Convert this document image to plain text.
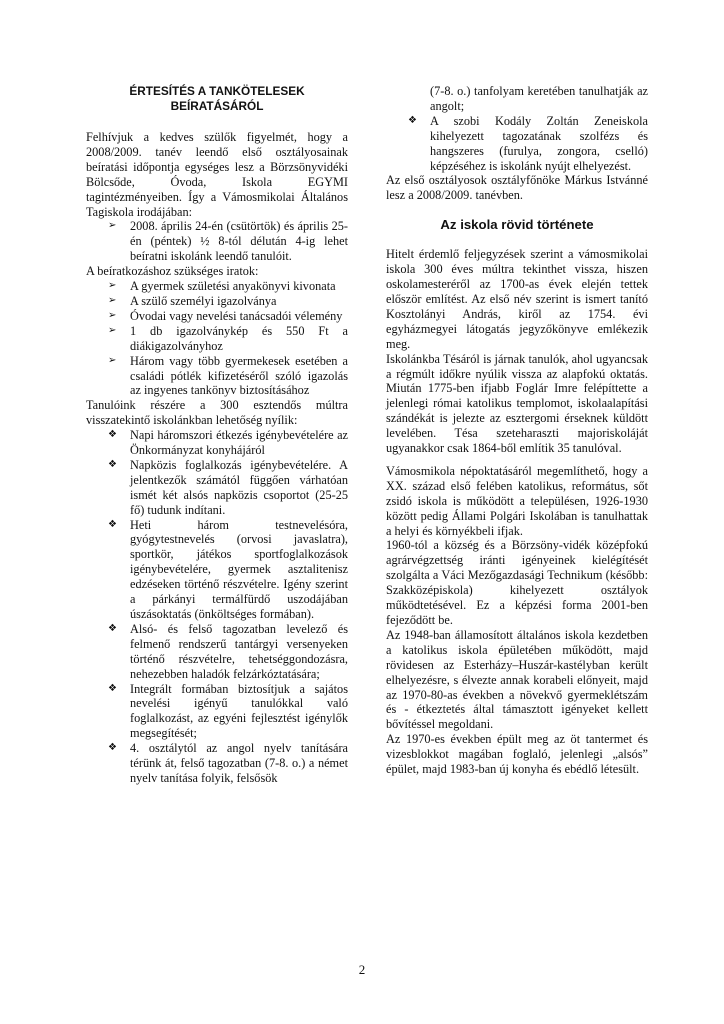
ÉRTESÍTÉS A TANKÖTELESEK
BEÍRATÁSÁRÓL

Felhívjuk a kedves szülők figyelmét, hogy a 2008/2009. tanév leendő első osztályosainak beíratási időpontja egységes lesz a Börzsönyvidéki Bölcsőde, Óvoda, Iskola EGYMI tagintézményeiben. Így a Vámosmikolai Általános Tagiskola irodájában:

➢	2008. április 24-én (csütörtök) és április 25-én (péntek) ½ 8-tól délután 4-ig lehet beíratni iskolánk leendő tanulóit.

A beíratkozáshoz szükséges iratok:

➢	A gyermek születési anyakönyvi kivonata
➢	A szülő személyi igazolványa
➢	Óvodai vagy nevelési tanácsadói vélemény
➢	1 db igazolványkép és 550 Ft a diákigazolványhoz
➢	Három vagy több gyermekesek esetében a családi pótlék kifizetéséről szóló igazolás az ingyenes tankönyv biztosításához

Tanulóink részére a 300 esztendős múltra visszatekintő iskolánkban lehetőség nyílik:

❖	Napi háromszori étkezés igénybevételére az Önkormányzat konyhájáról
❖	Napközis foglalkozás igénybevételére. A jelentkezők számától függően várhatóan ismét két alsós napközis csoportot (25-25 fő) tudunk indítani.
❖	Heti három testnevelésóra, gyógytestnevelés (orvosi javaslatra), sportkör, játékos sportfoglalkozások igénybevételére, gyermek asztalitenisz edzéseken történő részvételre. Igény szerint a párkányi termálfürdő uszodájában úszásoktatás (önköltséges formában).
❖	Alsó- és felső tagozatban levelező és felmenő rendszerű tantárgyi versenyeken történő részvételre, tehetséggondozásra, nehezebben haladók felzárkóztatására;
❖	Integrált formában biztosítjuk a sajátos nevelési igényű tanulókkal való foglalkozást, az egyéni fejlesztést igénylők megsegítését;
❖	4. osztálytól az angol nyelv tanítására térünk át, felső tagozatban (7-8. o.) a német nyelv tanítása folyik, felsősök
(7-8. o.) tanfolyam keretében tanulhatják az angolt;
❖	A szobi Kodály Zoltán Zeneiskola kihelyezett tagozatának szolfézs és hangszeres (furulya, zongora, cselló) képzéséhez is iskolánk nyújt elhelyezést.

Az első osztályosok osztályfőnöke Márkus Istvánné lesz a 2008/2009. tanévben.

Az iskola rövid története

Hitelt érdemlő feljegyzések szerint a vámosmikolai iskola 300 éves múltra tekinthet vissza, hiszen oskolamesteréről az 1700-as évek elején tettek először említést. Az első név szerint is ismert tanító Kosztolányi András, kiről az 1754. évi egyházmegyei látogatás jegyzőkönyve emlékezik meg.

Iskolánkba Tésáról is járnak tanulók, ahol ugyancsak a régmúlt időkre nyúlik vissza az alapfokú oktatás. Miután 1775-ben ifjabb Foglár Imre felépíttette a jelenlegi római katolikus templomot, iskolaalapítási szándékát is jelezte az esztergomi érseknek küldött levelében. Tésa szeteharaszti majoriskoláját ugyanakkor csak 1864-ből említik 35 tanulóval.

Vámosmikola népoktatásáról megemlíthető, hogy a XX. század első felében katolikus, református, sőt zsidó iskola is működött a településen, 1926-1930 között pedig Állami Polgári Iskolában is tanulhattak a helyi és környékbeli ifjak.

1960-tól a község és a Börzsöny-vidék középfokú agrárvégzettség iránti igényeinek kielégítését szolgálta a Váci Mezőgazdasági Technikum (később: Szakközépiskola) kihelyezett osztályok működtetésével. Ez a képzési forma 2001-ben fejeződött be.

Az 1948-ban államosított általános iskola kezdetben a katolikus iskola épületében működött, majd rövidesen az Esterházy–Huszár-kastélyban került elhelyezésre, s élvezte annak korabeli előnyeit, majd az 1970-80-as években a növekvő gyermeklétszám és - étkeztetés által támasztott igényeket kellett bővítéssel megoldani.

Az 1970-es években épült meg az öt tantermet és vizesblokkot magában foglaló, jelenlegi „alsós” épület, majd 1983-ban új konyha és ebédlő létesült.

2
